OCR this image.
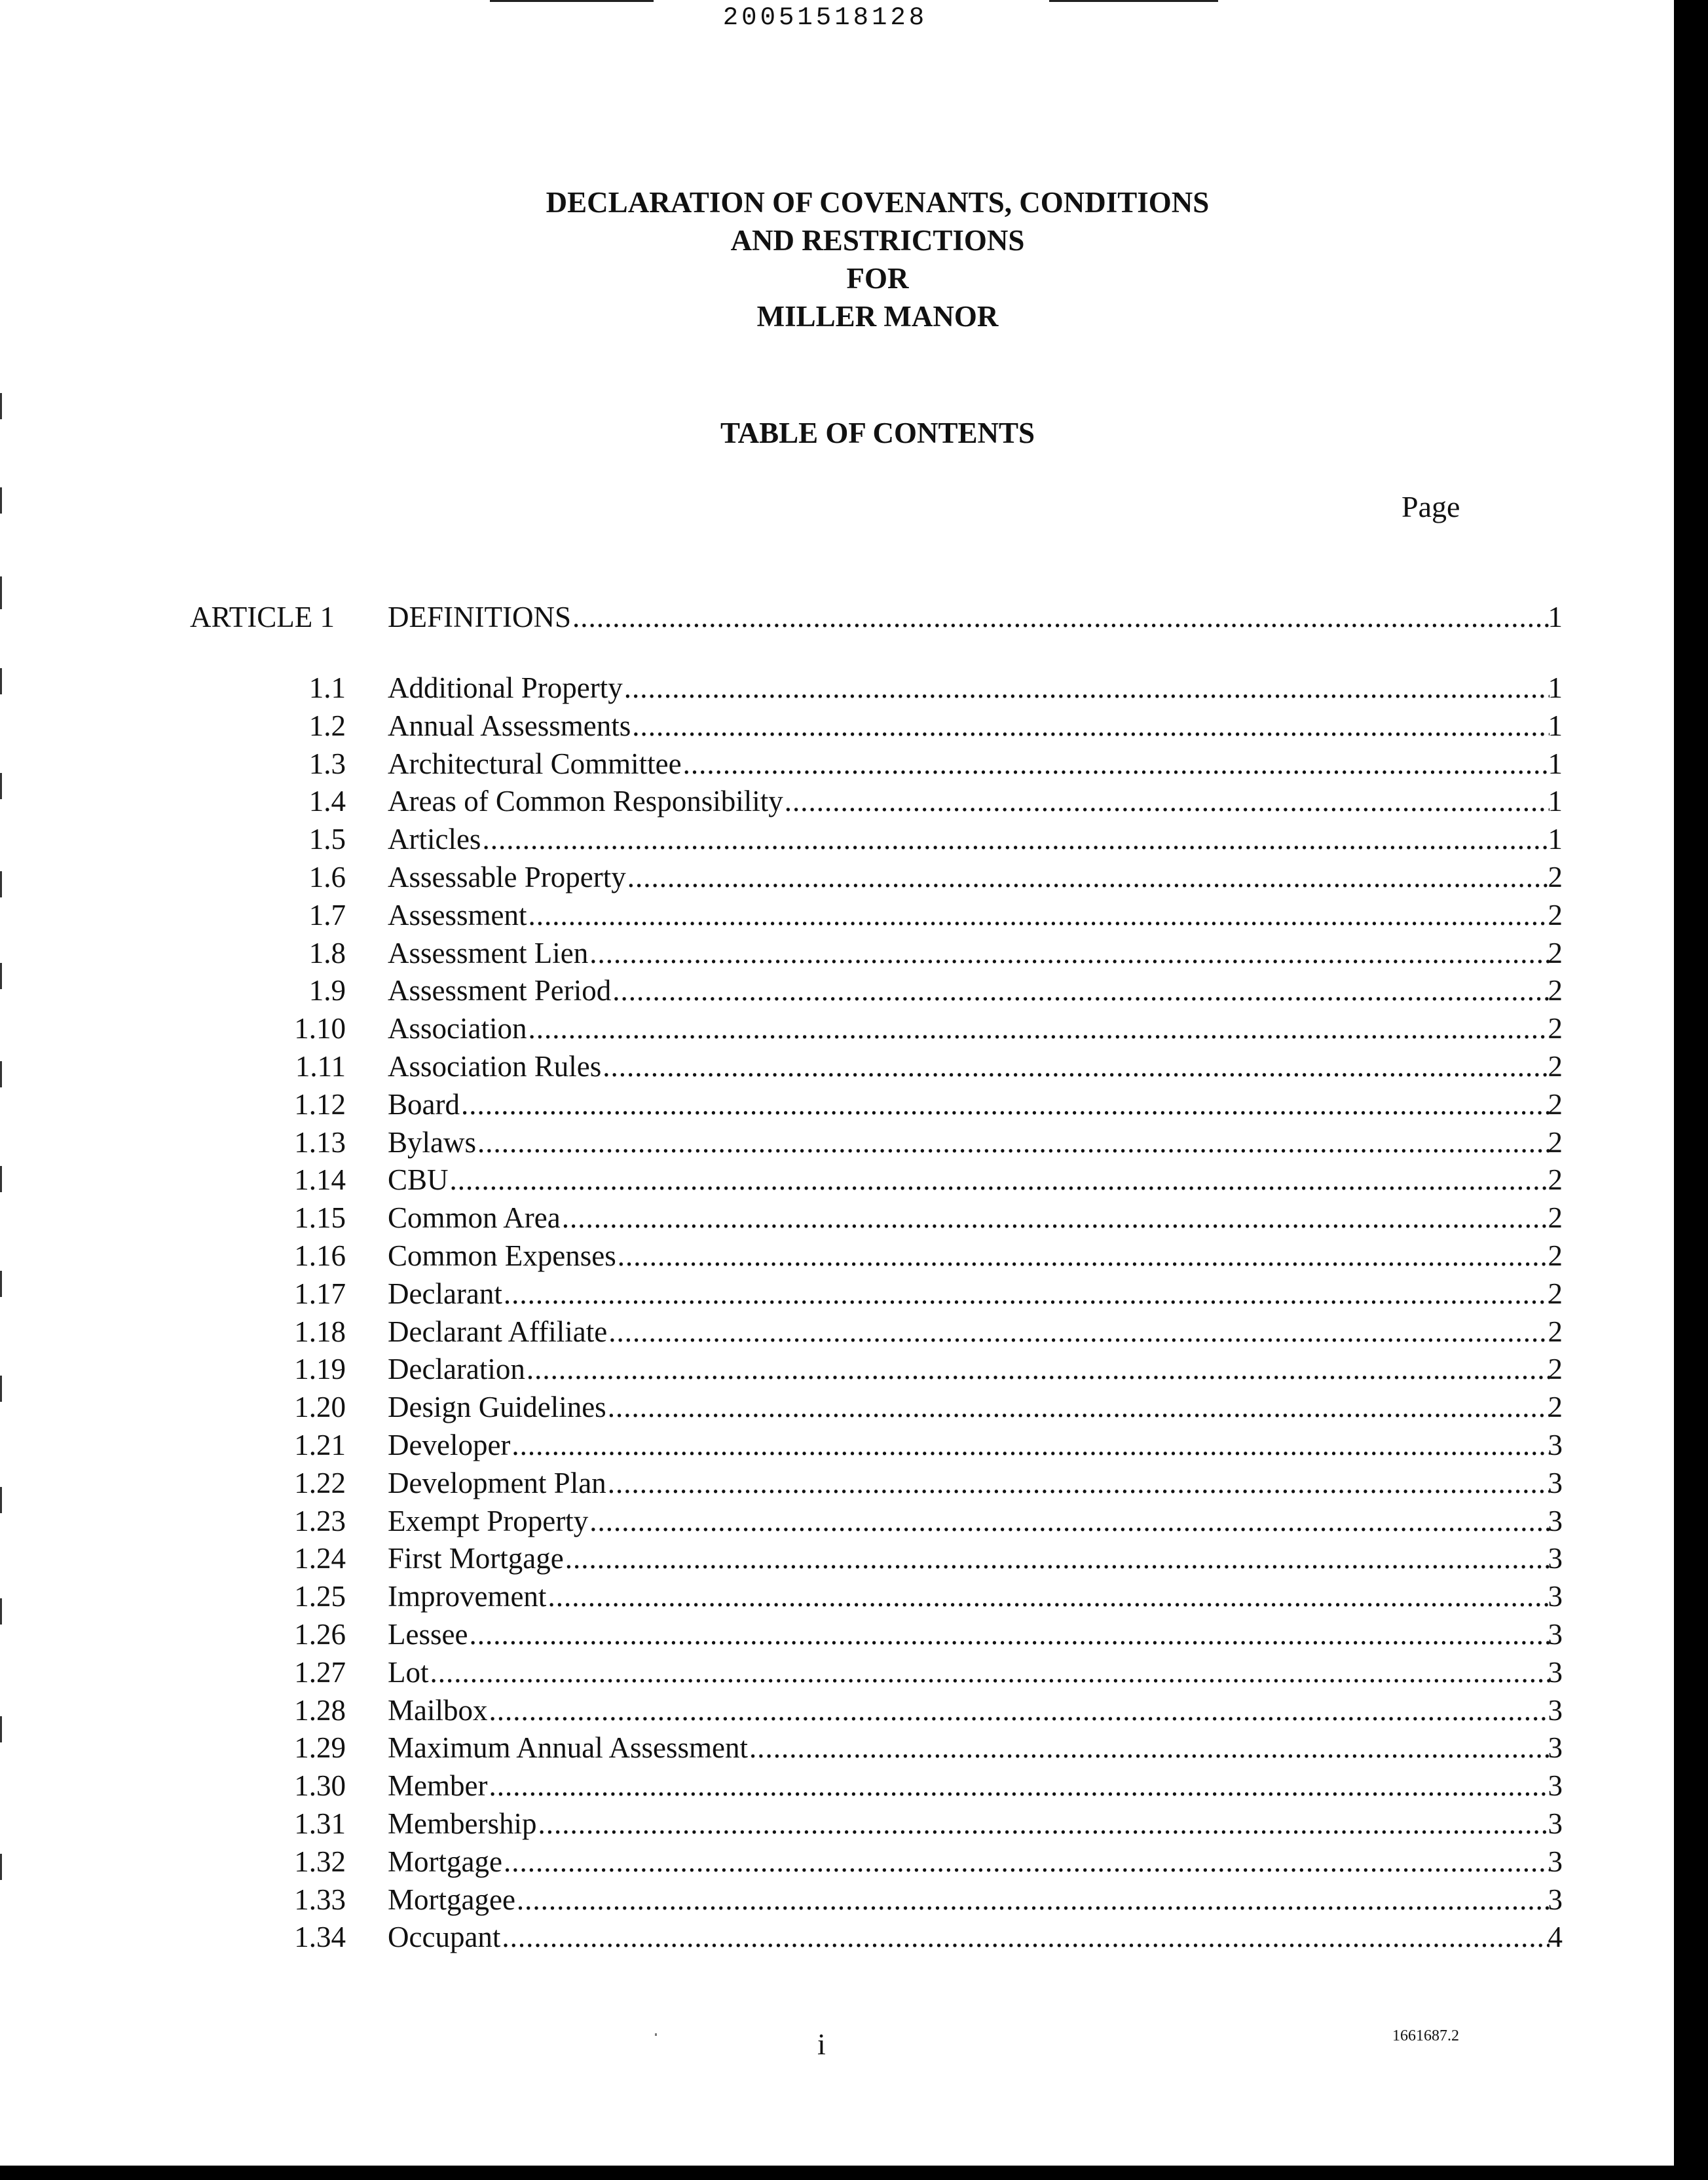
20051518128
DECLARATION OF COVENANTS, CONDITIONS
AND RESTRICTIONS
FOR
MILLER MANOR
TABLE OF CONTENTS
Page
ARTICLE 1 DEFINITIONS .....	1
1.1 Additional Property .....	1
1.2 Annual Assessments .....	1
1.3 Architectural Committee .....	1
1.4 Areas of Common Responsibility .....	1
1.5 Articles .....	1
1.6 Assessable Property .....	2
1.7 Assessment .....	2
1.8 Assessment Lien .....	2
1.9 Assessment Period .....	2
1.10 Association .....	2
1.11 Association Rules .....	2
1.12 Board .....	2
1.13 Bylaws .....	2
1.14 CBU .....	2
1.15 Common Area .....	2
1.16 Common Expenses .....	2
1.17 Declarant .....	2
1.18 Declarant Affiliate .....	2
1.19 Declaration .....	2
1.20 Design Guidelines .....	2
1.21 Developer .....	3
1.22 Development Plan .....	3
1.23 Exempt Property .....	3
1.24 First Mortgage .....	3
1.25 Improvement .....	3
1.26 Lessee .....	3
1.27 Lot .....	3
1.28 Mailbox .....	3
1.29 Maximum Annual Assessment .....	3
1.30 Member .....	3
1.31 Membership .....	3
1.32 Mortgage .....	3
1.33 Mortgagee .....	3
1.34 Occupant .....	4
i	1661687.2
